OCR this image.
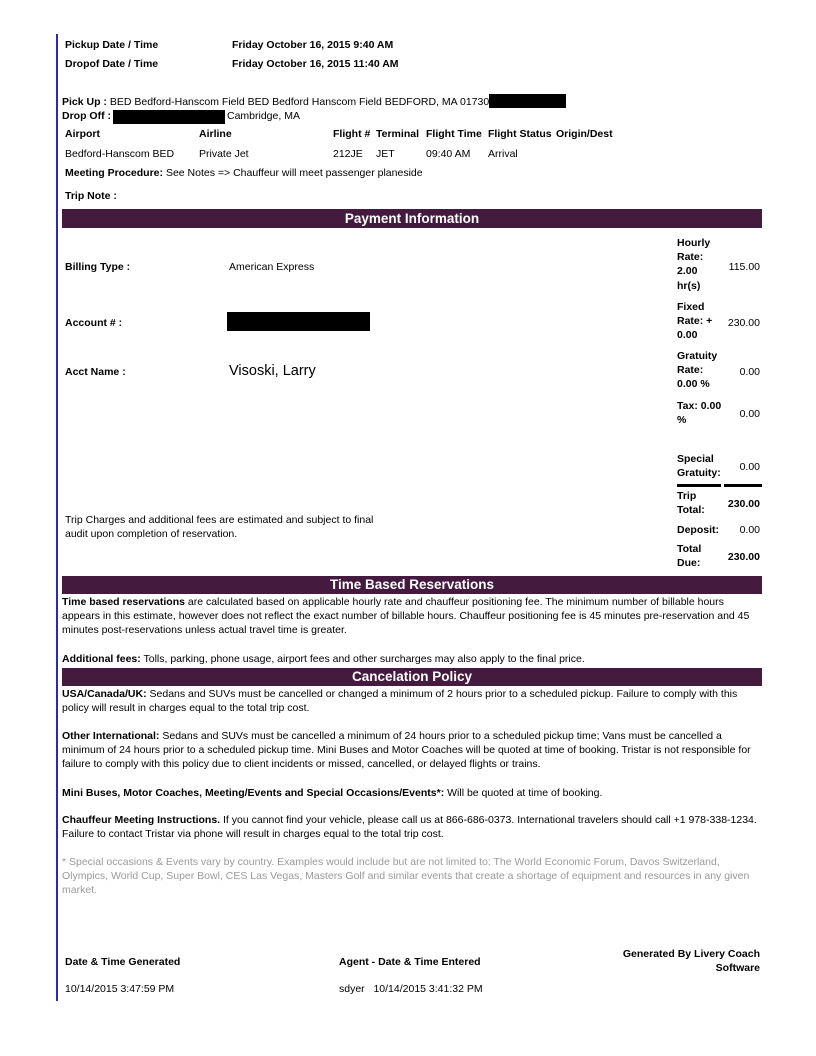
Pickup Date / Time	Friday October 16, 2015 9:40 AM
Dropof Date / Time	Friday October 16, 2015 11:40 AM
Pick Up : BED Bedford-Hanscom Field BED Bedford Hanscom Field BEDFORD, MA 01730
Drop Off :	Cambridge, MA
Airport	Airline	Flight # Terminal Flight Time Flight Status Origin/Dest
Bedford-Hanscom BED Private Jet	212JE JET	09:40 AM Arrival
Meeting Procedure: See Notes => Chauffeur will meet passenger planeside
Trip Note :
Payment Information
Billing Type :	American Express
Account # :
Acct Name :	Visoski, Larry
Trip Charges and additional fees are estimated and subject to final audit upon completion of reservation.
Hourly Rate: 2.00 hr(s)
115.00
Fixed Rate: + 0.00
230.00
Gratuity Rate: 0.00 %
0.00
Tax: 0.00 %
0.00
Special Gratuity:
0.00
Trip Total:
230.00
Deposit:	0.00
Total Due:
230.00
Time Based Reservations
Time based reservations are calculated based on applicable hourly rate and chauffeur positioning fee. The minimum number of billable hours appears in this estimate, however does not reflect the exact number of billable hours. Chauffeur positioning fee is 45 minutes pre-reservation and 45 minutes post-reservations unless actual travel time is greater.
Additional fees: Tolls, parking, phone usage, airport fees and other surcharges may also apply to the final price.
Cancelation Policy
USA/Canada/UK: Sedans and SUVs must be cancelled or changed a minimum of 2 hours prior to a scheduled pickup. Failure to comply with this policy will result in charges equal to the total trip cost.
Other International: Sedans and SUVs must be cancelled a minimum of 24 hours prior to a scheduled pickup time; Vans must be cancelled a minimum of 24 hours prior to a scheduled pickup time. Mini Buses and Motor Coaches will be quoted at time of booking. Tristar is not responsible for failure to comply with this policy due to client incidents or missed, cancelled, or delayed flights or trains.
Mini Buses, Motor Coaches, Meeting/Events and Special Occasions/Events*: Will be quoted at time of booking.
Chauffeur Meeting Instructions. If you cannot find your vehicle, please call us at 866-686-0373. International travelers should call +1 978-338-1234. Failure to contact Tristar via phone will result in charges equal to the total trip cost.
* Special occasions & Events vary by country. Examples would include but are not limited to: The World Economic Forum, Davos Switzerland, Olympics, World Cup, Super Bowl, CES Las Vegas, Masters Golf and similar events that create a shortage of equipment and resources in any given market.
Date & Time Generated
10/14/2015 3:47:59 PM
Agent - Date & Time Entered
sdyer 10/14/2015 3:41:32 PM
Generated By Livery Coach Software
